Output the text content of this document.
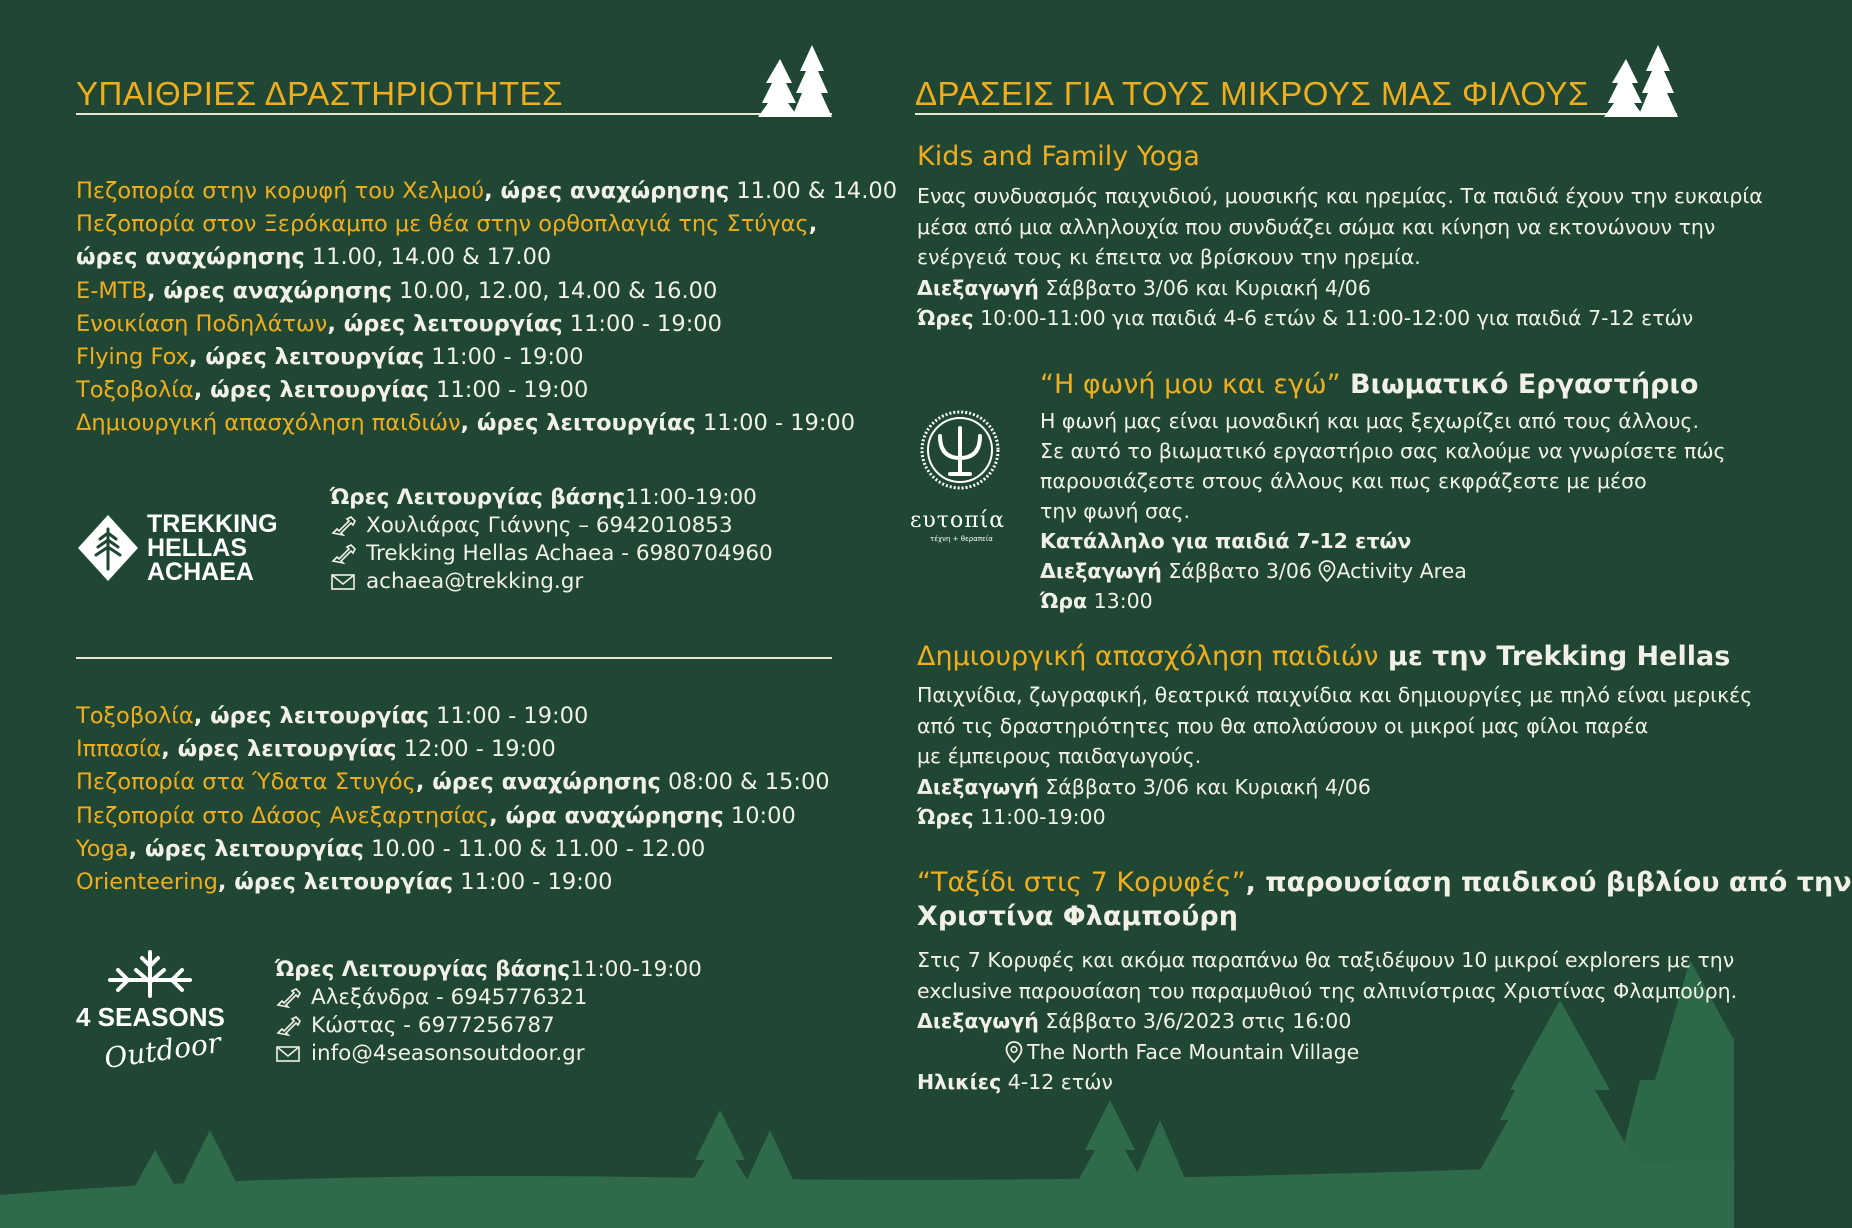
ΥΠΑΙΘΡΙΕΣ ΔΡΑΣΤΗΡΙΟΤΗΤΕΣ
Πεζοπορία στην κορυφή του Χελμού, ώρες αναχώρησης 11.00 & 14.00
Πεζοπορία στον Ξερόκαμπο με θέα στην ορθοπλαγιά της Στύγας,
ώρες αναχώρησης 11.00, 14.00 & 17.00
E-MTB, ώρες αναχώρησης 10.00, 12.00, 14.00 & 16.00
Ενοικίαση Ποδηλάτων, ώρες λειτουργίας 11:00 - 19:00
Flying Fox, ώρες λειτουργίας 11:00 - 19:00
Τοξοβολία, ώρες λειτουργίας 11:00 - 19:00
Δημιουργική απασχόληση παιδιών, ώρες λειτουργίας 11:00 - 19:00
TREKKING
HELLAS
ACHAEA
Ώρες Λειτουργίας βάσης 11:00-19:00
Χουλιάρας Γιάννης – 6942010853
Trekking Hellas Achaea - 6980704960
achaea@trekking.gr
Τοξοβολία, ώρες λειτουργίας 11:00 - 19:00
Ιππασία, ώρες λειτουργίας 12:00 - 19:00
Πεζοπορία στα Ύδατα Στυγός, ώρες αναχώρησης 08:00 & 15:00
Πεζοπορία στο Δάσος Ανεξαρτησίας, ώρα αναχώρησης 10:00
Yoga, ώρες λειτουργίας 10.00 - 11.00 & 11.00 - 12.00
Orienteering, ώρες λειτουργίας 11:00 - 19:00
4 SEASONS
Outdoor
Ώρες Λειτουργίας βάσης 11:00-19:00
Αλεξάνδρα - 6945776321
Κώστας - 6977256787
info@4seasonsoutdoor.gr
ΔΡΑΣΕΙΣ ΓΙΑ ΤΟΥΣ ΜΙΚΡΟΥΣ ΜΑΣ ΦΙΛΟΥΣ
Kids and Family Yoga
Ενας συνδυασμός παιχνιδιού, μουσικής και ηρεμίας. Τα παιδιά έχουν την ευκαιρία
μέσα από μια αλληλουχία που συνδυάζει σώμα και κίνηση να εκτονώνουν την
ενέργειά τους κι έπειτα να βρίσκουν την ηρεμία.
Διεξαγωγή Σάββατο 3/06 και Κυριακή 4/06
Ώρες 10:00-11:00 για παιδιά 4-6 ετών & 11:00-12:00 για παιδιά 7-12 ετών
ευτοπία
τέχνη + θεραπεία
“Η φωνή μου και εγώ” Βιωματικό Εργαστήριο
Η φωνή μας είναι μοναδική και μας ξεχωρίζει από τους άλλους.
Σε αυτό το βιωματικό εργαστήριο σας καλούμε να γνωρίσετε πώς
παρουσιάζεστε στους άλλους και πως εκφράζεστε με μέσο
την φωνή σας.
Κατάλληλο για παιδιά 7-12 ετών
Διεξαγωγή Σάββατο 3/06 Activity Area
Ώρα 13:00
Δημιουργική απασχόληση παιδιών με την Trekking Hellas
Παιχνίδια, ζωγραφική, θεατρικά παιχνίδια και δημιουργίες με πηλό είναι μερικές
από τις δραστηριότητες που θα απολαύσουν οι μικροί μας φίλοι παρέα
με έμπειρους παιδαγωγούς.
Διεξαγωγή Σάββατο 3/06 και Κυριακή 4/06
Ώρες 11:00-19:00
“Ταξίδι στις 7 Κορυφές”, παρουσίαση παιδικού βιβλίου από την
Χριστίνα Φλαμπούρη
Στις 7 Κορυφές και ακόμα παραπάνω θα ταξιδέψουν 10 μικροί explorers με την
exclusive παρουσίαση του παραμυθιού της αλπινίστριας Χριστίνας Φλαμπούρη.
Διεξαγωγή Σάββατο 3/6/2023 στις 16:00
The North Face Mountain Village
Ηλικίες 4-12 ετών
